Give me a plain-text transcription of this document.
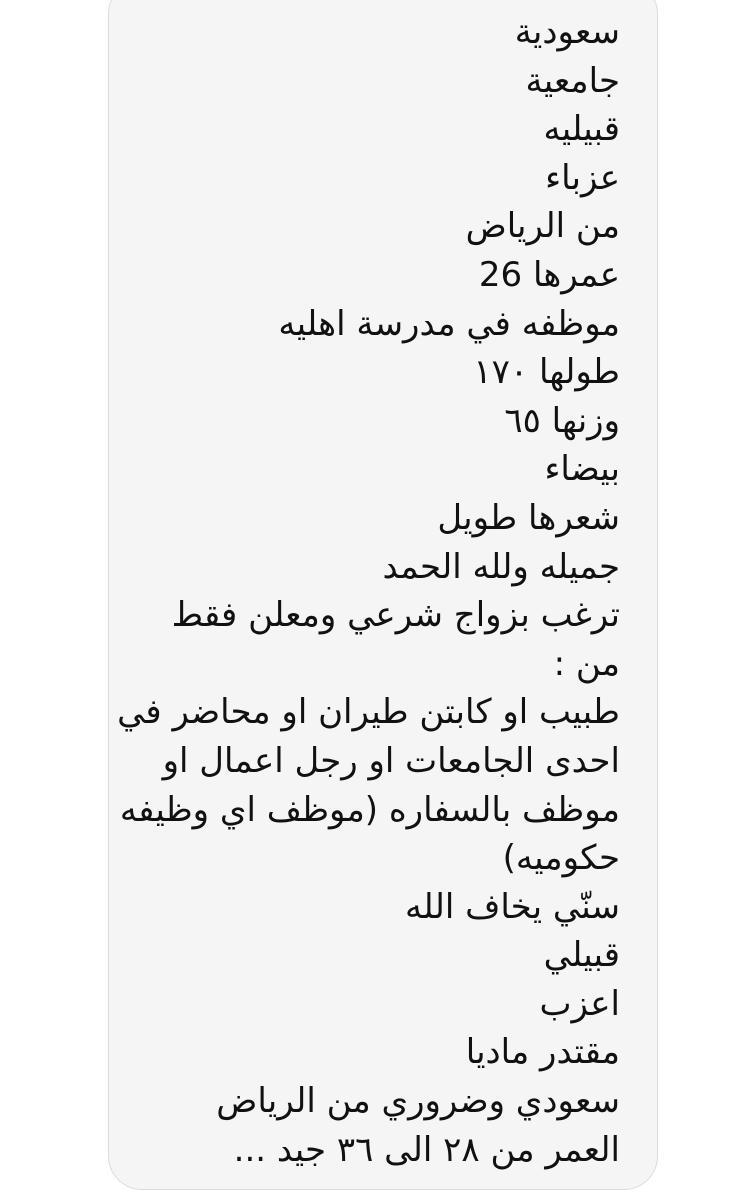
سعودية
جامعية
قبيليه
عزباء
من الرياض
عمرها 26
موظفه في مدرسة اهليه
طولها ١٧٠
وزنها ٦٥
بيضاء
شعرها طويل
جميله ولله الحمد
ترغب بزواج شرعي ومعلن فقط
من :
طبيب او كابتن طيران او محاضر في
احدى الجامعات او رجل اعمال او
موظف بالسفاره (موظف اي وظيفه
حكوميه)
سنّي يخاف الله
قبيلي
اعزب
مقتدر ماديا
سعودي وضروري من الرياض
العمر من ٢٨ الى ٣٦ جيد ...
